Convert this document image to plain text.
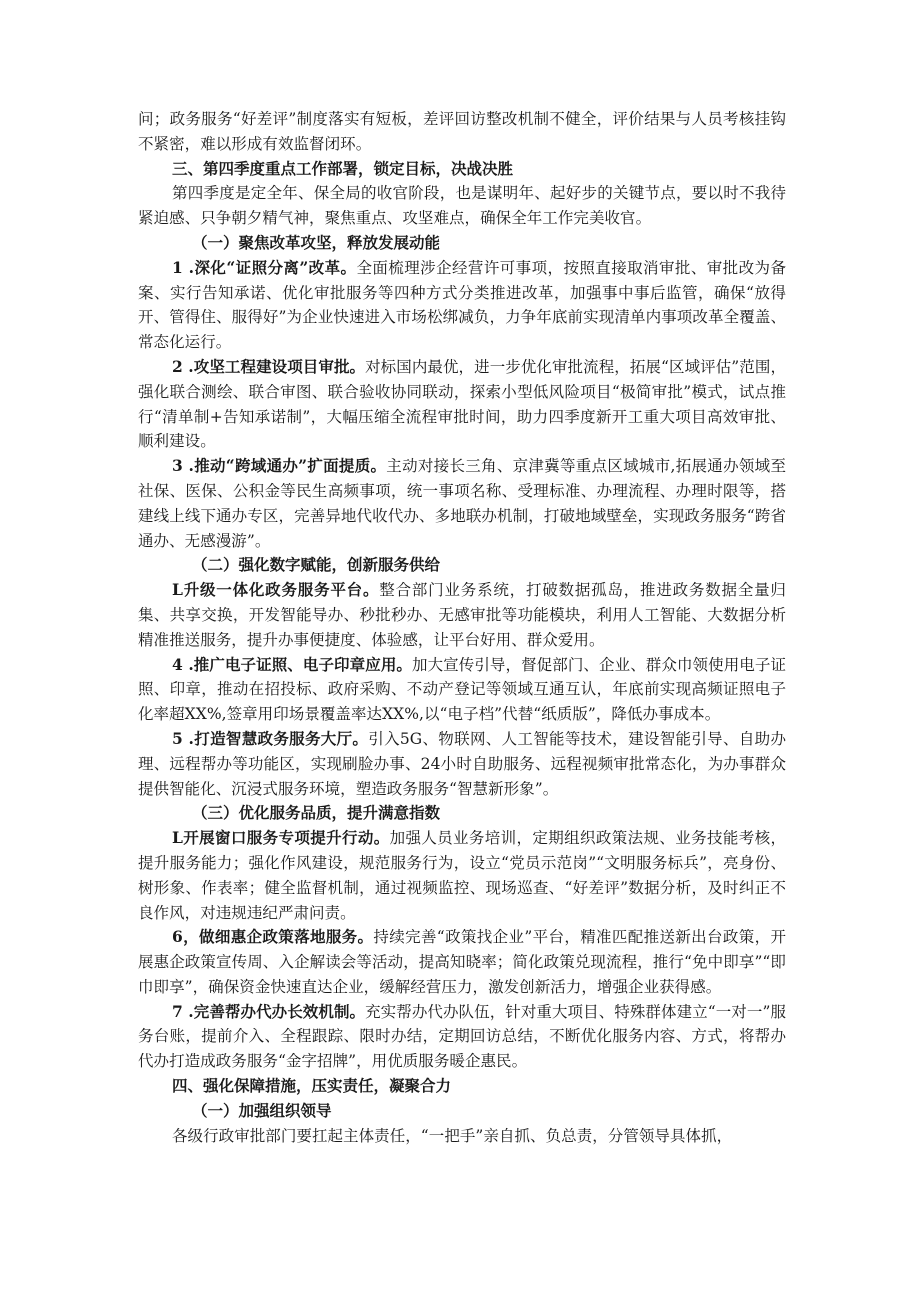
问；政务服务“好差评”制度落实有短板，差评回访整改机制不健全，评价结果与人员考核挂钩不紧密，难以形成有效监督闭环。

三、第四季度重点工作部署，锁定目标，决战决胜

第四季度是定全年、保全局的收官阶段，也是谋明年、起好步的关键节点，要以时不我待紧迫感、只争朝夕精气神，聚焦重点、攻坚难点，确保全年工作完美收官。

（一）聚焦改革攻坚，释放发展动能

1 .深化“证照分离”改革。全面梳理涉企经营许可事项，按照直接取消审批、审批改为备案、实行告知承诺、优化审批服务等四种方式分类推进改革，加强事中事后监管，确保“放得开、管得住、服得好”为企业快速进入市场松绑减负，力争年底前实现清单内事项改革全覆盖、常态化运行。

2 .攻坚工程建设项目审批。对标国内最优，进一步优化审批流程，拓展“区域评估”范围，强化联合测绘、联合审图、联合验收协同联动，探索小型低风险项目“极简审批”模式，试点推行“清单制+告知承诺制”，大幅压缩全流程审批时间，助力四季度新开工重大项目高效审批、顺利建设。

3 .推动“跨域通办”扩面提质。主动对接长三角、京津冀等重点区域城市,拓展通办领域至社保、医保、公积金等民生高频事项，统一事项名称、受理标准、办理流程、办理时限等，搭建线上线下通办专区，完善异地代收代办、多地联办机制，打破地域壁垒，实现政务服务“跨省通办、无感漫游”。

（二）强化数字赋能，创新服务供给

L升级一体化政务服务平台。整合部门业务系统，打破数据孤岛，推进政务数据全量归集、共享交换，开发智能导办、秒批秒办、无感审批等功能模块，利用人工智能、大数据分析精准推送服务，提升办事便捷度、体验感，让平台好用、群众爱用。

4 .推广电子证照、电子印章应用。加大宣传引导，督促部门、企业、群众巾领使用电子证照、印章，推动在招投标、政府采购、不动产登记等领域互通互认，年底前实现高频证照电子化率超XX%,签章用印场景覆盖率达XX%,以“电子档”代替“纸质版”，降低办事成本。

5 .打造智慧政务服务大厅。引入5G、物联网、人工智能等技术，建设智能引导、自助办理、远程帮办等功能区，实现刷脸办事、24小时自助服务、远程视频审批常态化，为办事群众提供智能化、沉浸式服务环境，塑造政务服务“智慧新形象”。

（三）优化服务品质，提升满意指数

L开展窗口服务专项提升行动。加强人员业务培训，定期组织政策法规、业务技能考核，提升服务能力；强化作风建设，规范服务行为，设立“党员示范岗”“文明服务标兵”，亮身份、树形象、作表率；健全监督机制，通过视频监控、现场巡查、“好差评”数据分析，及时纠正不良作风，对违规违纪严肃问责。

6，做细惠企政策落地服务。持续完善“政策找企业”平台，精准匹配推送新出台政策，开展惠企政策宣传周、入企解读会等活动，提高知晓率；简化政策兑现流程，推行“免中即享”“即巾即享”，确保资金快速直达企业，缓解经营压力，激发创新活力，增强企业获得感。

7 .完善帮办代办长效机制。充实帮办代办队伍，针对重大项目、特殊群体建立“一对一”服务台账，提前介入、全程跟踪、限时办结，定期回访总结，不断优化服务内容、方式，将帮办代办打造成政务服务“金字招牌”，用优质服务暖企惠民。

四、强化保障措施，压实责任，凝聚合力

（一）加强组织领导

各级行政审批部门要扛起主体责任，“一把手”亲自抓、负总责，分管领导具体抓，
